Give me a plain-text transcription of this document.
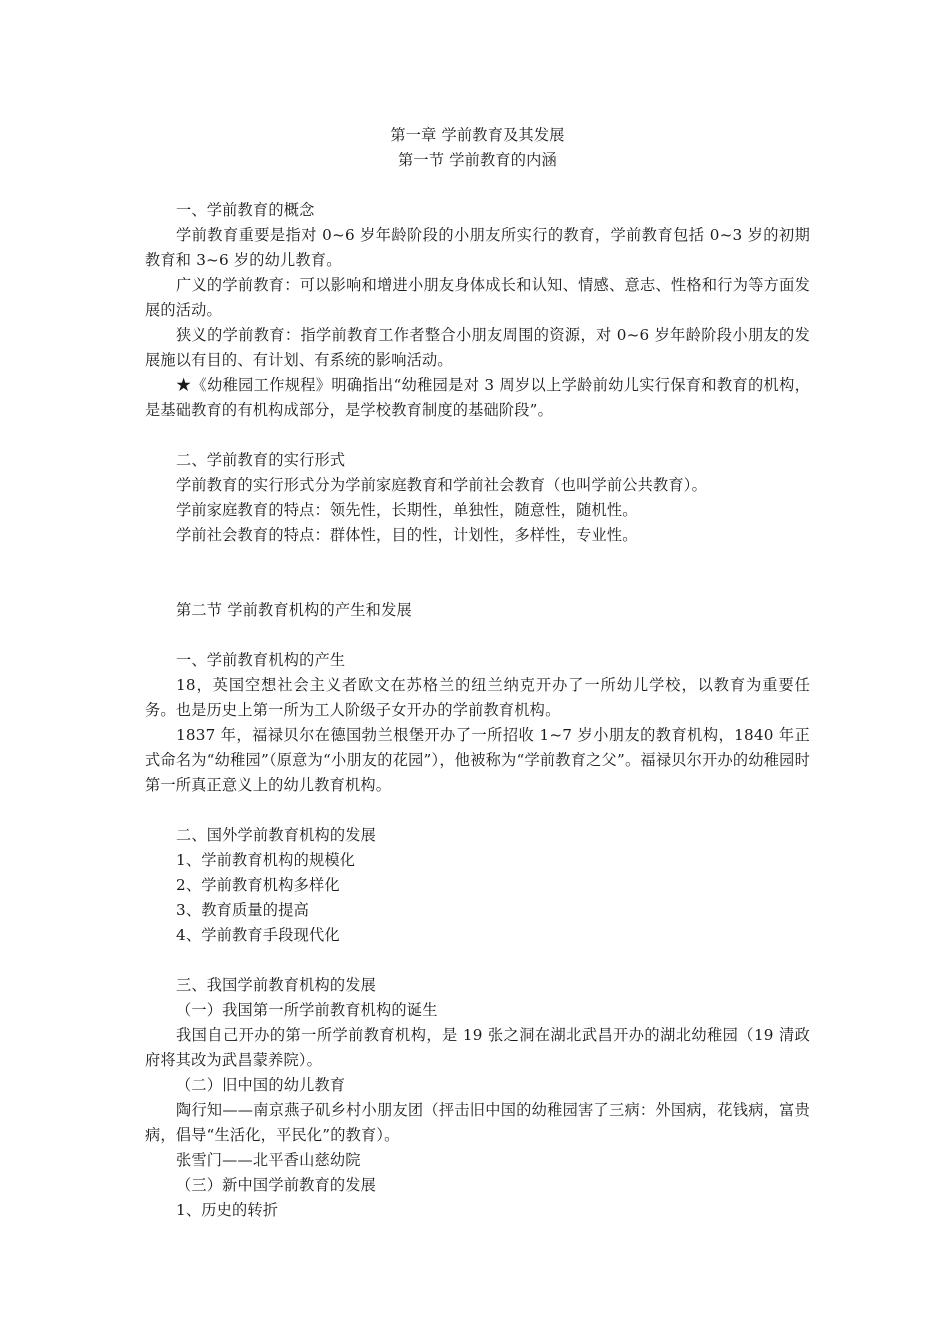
第一章 学前教育及其发展
第一节 学前教育的内涵
一、学前教育的概念
学前教育重要是指对 0~6 岁年龄阶段的小朋友所实行的教育，学前教育包括 0~3 岁的初期教育和 3~6 岁的幼儿教育。
广义的学前教育：可以影响和增进小朋友身体成长和认知、情感、意志、性格和行为等方面发展的活动。
狭义的学前教育：指学前教育工作者整合小朋友周围的资源，对 0~6 岁年龄阶段小朋友的发展施以有目的、有计划、有系统的影响活动。
★《幼稚园工作规程》明确指出“幼稚园是对 3 周岁以上学龄前幼儿实行保育和教育的机构，是基础教育的有机构成部分，是学校教育制度的基础阶段”。
二、学前教育的实行形式
学前教育的实行形式分为学前家庭教育和学前社会教育（也叫学前公共教育）。
学前家庭教育的特点：领先性，长期性，单独性，随意性，随机性。
学前社会教育的特点：群体性，目的性，计划性，多样性，专业性。
第二节 学前教育机构的产生和发展
一、学前教育机构的产生
18，英国空想社会主义者欧文在苏格兰的纽兰纳克开办了一所幼儿学校，以教育为重要任务。也是历史上第一所为工人阶级子女开办的学前教育机构。
1837 年，福禄贝尔在德国勃兰根堡开办了一所招收 1~7 岁小朋友的教育机构，1840 年正式命名为“幼稚园”（原意为“小朋友的花园”），他被称为“学前教育之父”。福禄贝尔开办的幼稚园时第一所真正意义上的幼儿教育机构。
二、国外学前教育机构的发展
1、学前教育机构的规模化
2、学前教育机构多样化
3、教育质量的提高
4、学前教育手段现代化
三、我国学前教育机构的发展
（一）我国第一所学前教育机构的诞生
我国自己开办的第一所学前教育机构，是 19 张之洞在湖北武昌开办的湖北幼稚园（19 清政府将其改为武昌蒙养院）。
（二）旧中国的幼儿教育
陶行知——南京燕子矶乡村小朋友团（抨击旧中国的幼稚园害了三病：外国病，花钱病，富贵病，倡导“生活化，平民化”的教育）。
张雪门——北平香山慈幼院
（三）新中国学前教育的发展
1、历史的转折
